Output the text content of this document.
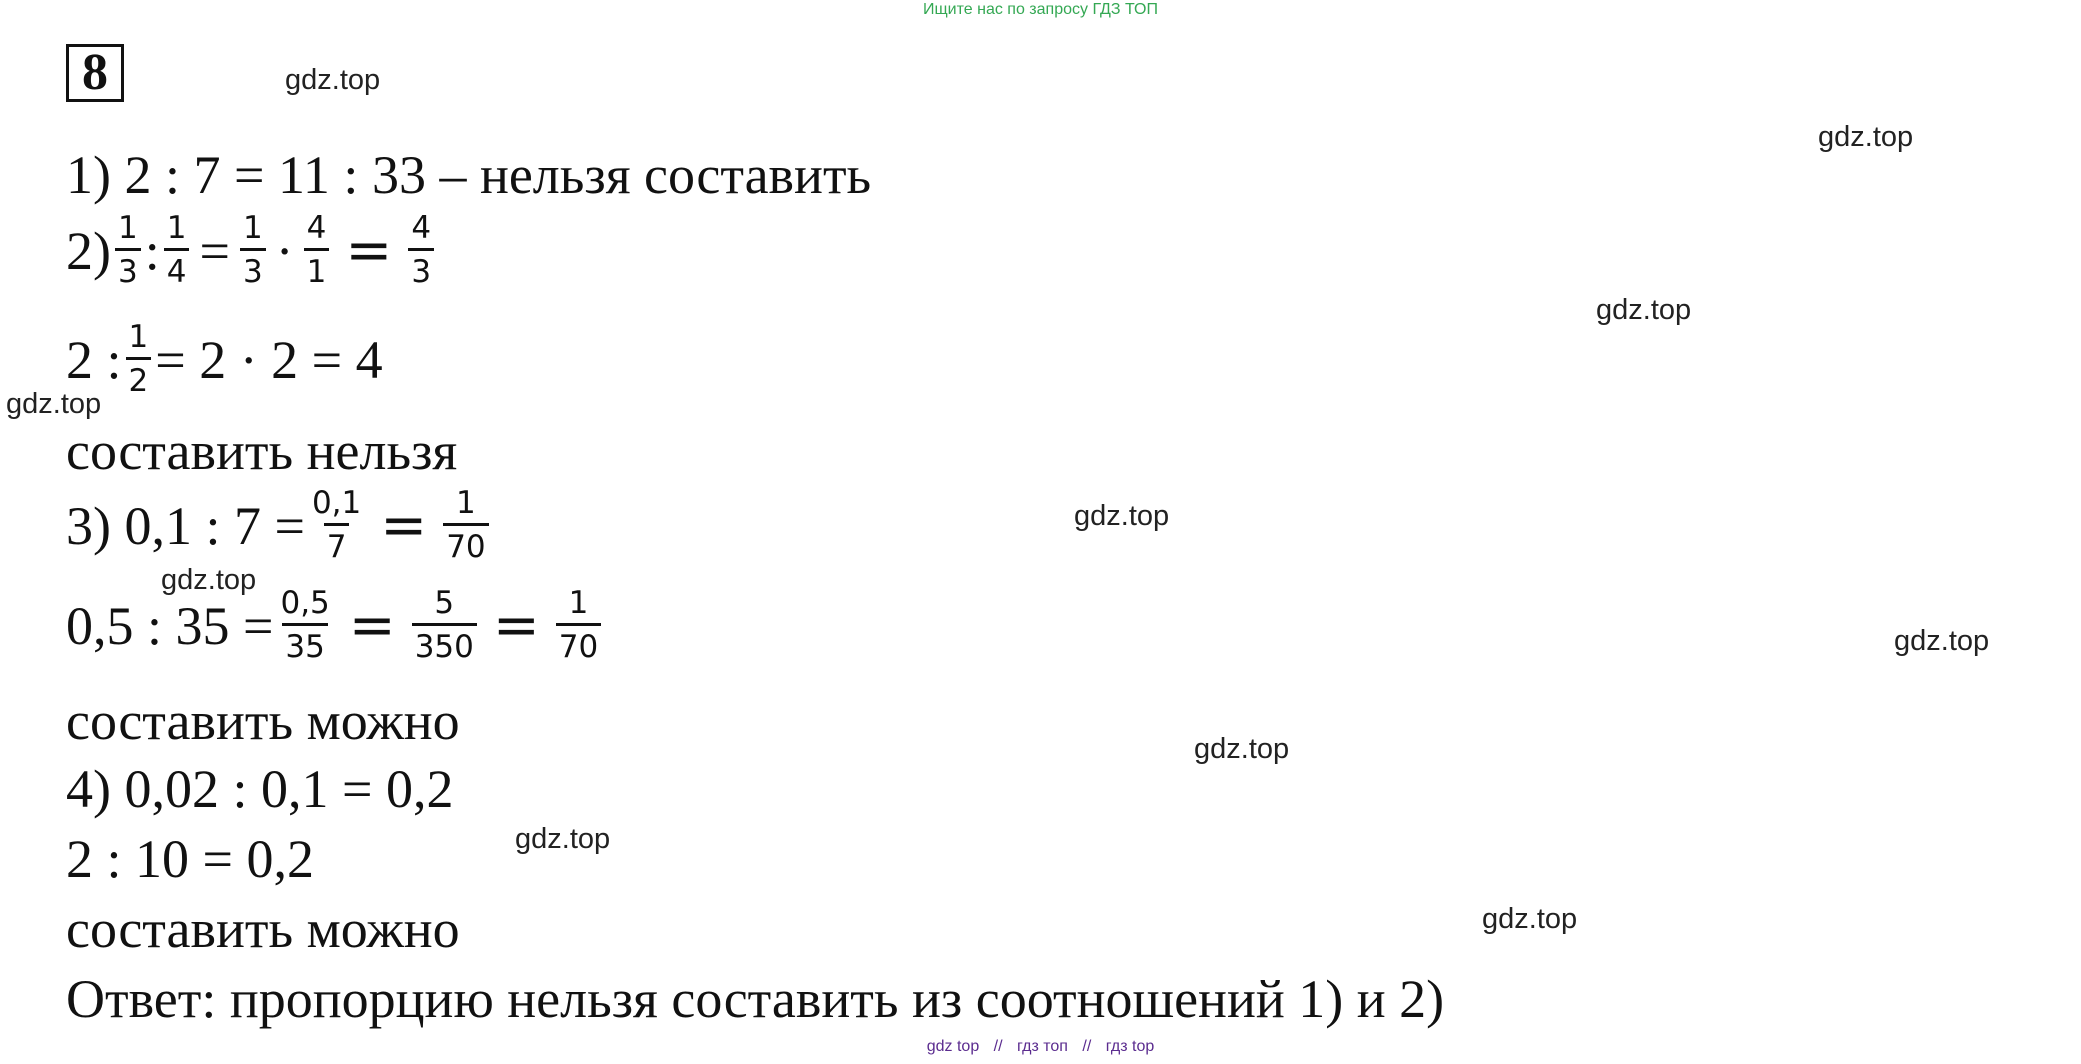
Ищите нас по запросу ГДЗ ТОП
8	gdz.top
gdz.top
gdz.top
gdz.top
gdz.top
gdz.top
gdz.top
gdz.top
gdz.top
gdz.top
1) 2 : 7 = 11 : 33 – нельзя составить
$2) \frac{1}{3}$ : $\frac{1}{4} = \frac{1}{3} \cdot \frac{4}{1} = \frac{4}{3}$
2 : $\frac{1}{2} = 2 \cdot 2 = 4$
составить нельзя
3) 0,1 : $7 = \frac{0,1}{7} = \frac{1}{70}$
0,5 : $35 = \frac{0,5}{35} = \frac{5}{350} = \frac{1}{70}$
составить можно
4) 0,02 : 0,1 = 0,2
2 : 10 = 0,2
составить можно
Ответ: пропорцию нельзя составить из соотношений 1) и 2)
gdz top // гдз топ // гдз top
